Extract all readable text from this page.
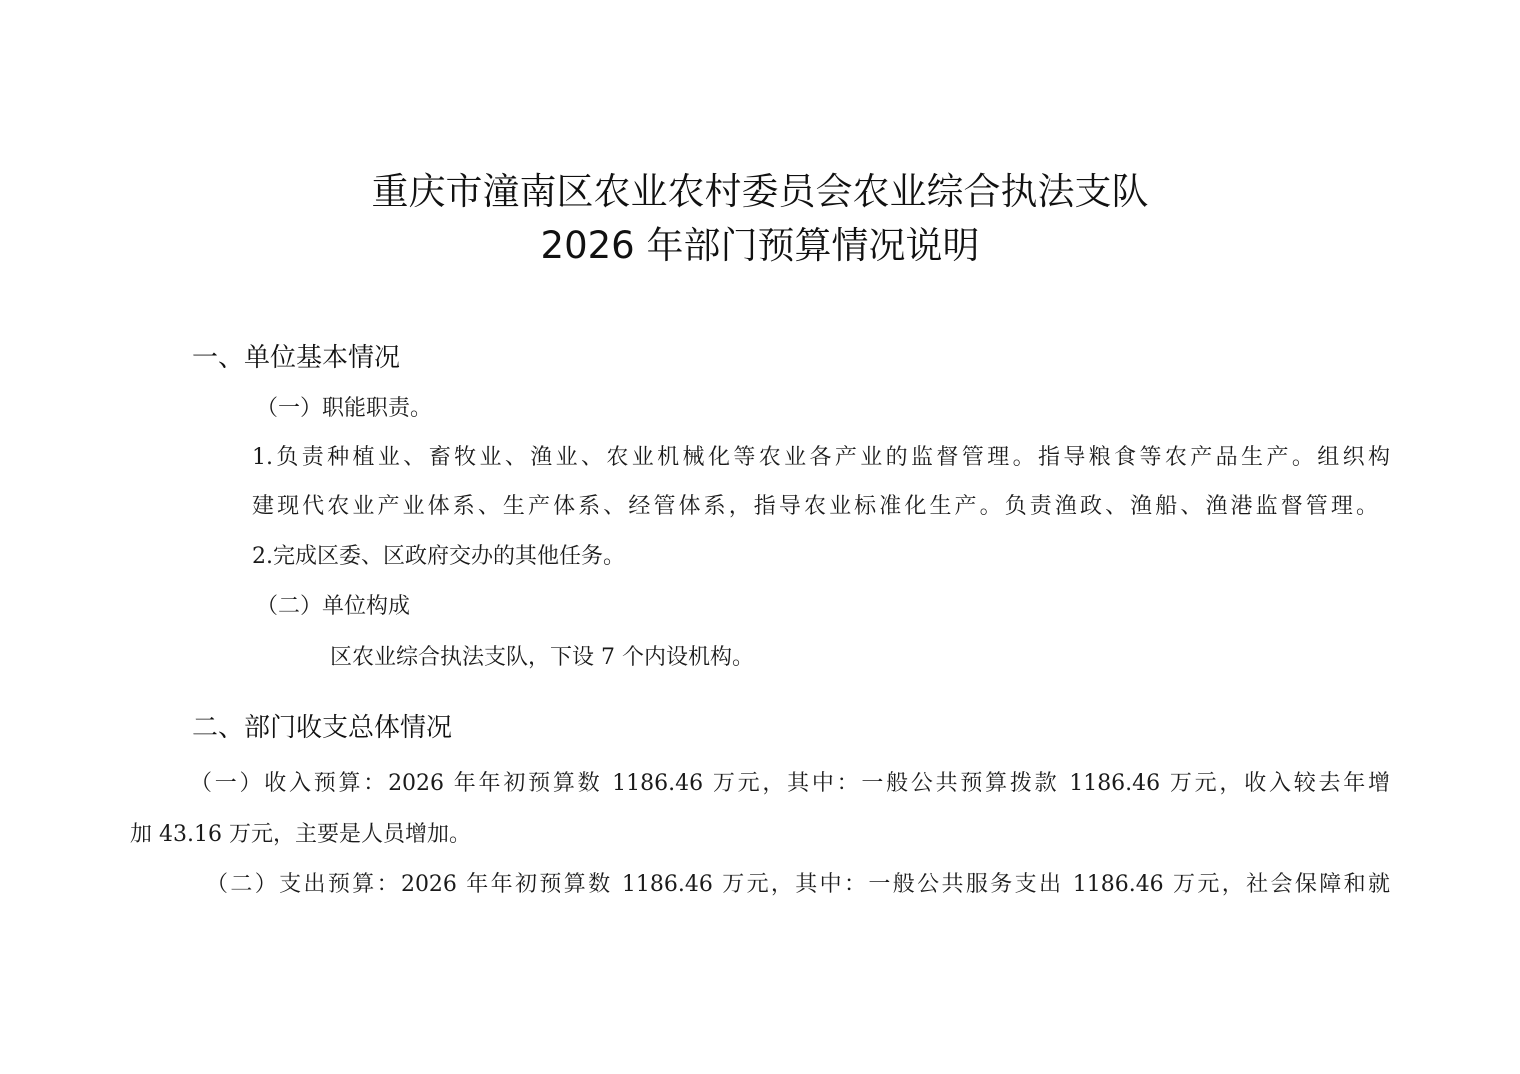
重庆市潼南区农业农村委员会农业综合执法支队
2026 年部门预算情况说明
一、单位基本情况
（一）职能职责。
1.负责种植业、畜牧业、渔业、农业机械化等农业各产业的监督管理。指导粮食等农产品生产。组织构
建现代农业产业体系、生产体系、经管体系，指导农业标准化生产。负责渔政、渔船、渔港监督管理。
2.完成区委、区政府交办的其他任务。
（二）单位构成
区农业综合执法支队，下设 7 个内设机构。
二、部门收支总体情况
（一）收入预算：2026 年年初预算数 1186.46 万元，其中：一般公共预算拨款 1186.46 万元，收入较去年增
加 43.16 万元，主要是人员增加。
（二）支出预算：2026 年年初预算数 1186.46 万元，其中：一般公共服务支出 1186.46 万元，社会保障和就
